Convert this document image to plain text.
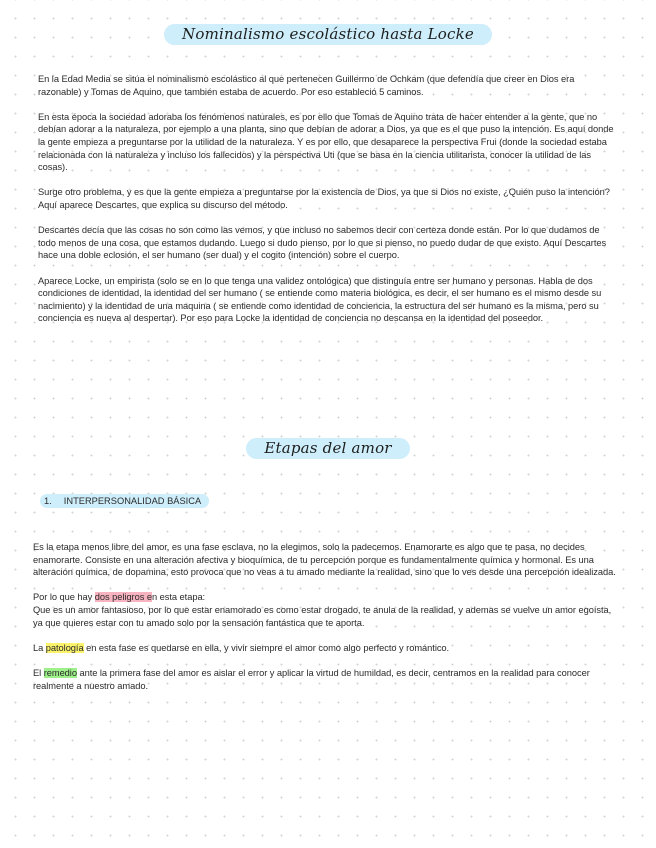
Nominalismo escolástico hasta Locke

En la Edad Media se sitúa el nominalismo escolástico al que pertenecen Guillermo de Ochkam (que defendía que creer en Dios era razonable) y Tomas de Aquino, que también estaba de acuerdo. Por eso estableció 5 caminos.

En esta época la sociedad adoraba los fenómenos naturales, es por ello que Tomas de Aquino trata de hacer entender a la gente, que no debían adorar a la naturaleza, por ejemplo a una planta, sino que debían de adorar a Dios, ya que es el que puso la intención. Es aquí donde la gente empieza a preguntarse por la utilidad de la naturaleza. Y es por ello, que desaparece la perspectiva Frui (donde la sociedad estaba relacionada con la naturaleza y incluso los fallecidos) y la perspectiva Uti (que se basa en la ciencia utilitarista, conocer la utilidad de las cosas).

Surge otro problema, y es que la gente empieza a preguntarse por la existencia de Dios, ya que si Dios no existe, ¿Quién puso la intención? Aquí aparece Descartes, que explica su discurso del método.

Descartes decía que las cosas no son como las vemos, y que incluso no sabemos decir con certeza donde están. Por lo que dudamos de todo menos de una cosa, que estamos dudando. Luego si dudo pienso, por lo que si pienso, no puedo dudar de que existo. Aquí Descartes hace una doble eclosión, el ser humano (ser dual) y el cogito (intención) sobre el cuerpo.

Aparece Locke, un empirista (solo se en lo que tenga una validez ontológica) que distinguía entre ser humano y personas. Habla de dos condiciones de identidad, la identidad del ser humano ( se entiende como materia biológica, es decir, el ser humano es el mismo desde su nacimiento) y la identidad de una maquina ( se entiende como identidad de conciencia, la estructura del ser humano es la misma, pero su conciencia es nueva al despertar). Por eso para Locke la identidad de conciencia no descansa en la identidad del poseedor.

Etapas del amor
1. INTERPERSONALIDAD BÁSICA

Es la etapa menos libre del amor, es una fase esclava, no la elegimos, solo la padecemos. Enamorarte es algo que te pasa, no decides enamorarte. Consiste en una alteración afectiva y bioquímica, de tu percepción porque es fundamentalmente química y hormonal. Es una alteración química, de dopamina, esto provoca que no veas a tu amado mediante la realidad, sino que lo ves desde una percepción idealizada.

Por lo que hay dos peligros en esta etapa:

Que es un amor fantasioso, por lo que estar enamorado es como estar drogado, te anula de la realidad, y ademas se vuelve un amor egoísta, ya que quieres estar con tu amado solo por la sensación fantástica que te aporta.

La patología en esta fase es quedarse en ella, y vivir siempre el amor como algo perfecto y romántico.

El remedio ante la primera fase del amor es aislar el error y aplicar la virtud de humildad, es decir, centramos en la realidad para conocer realmente a nuestro amado.
